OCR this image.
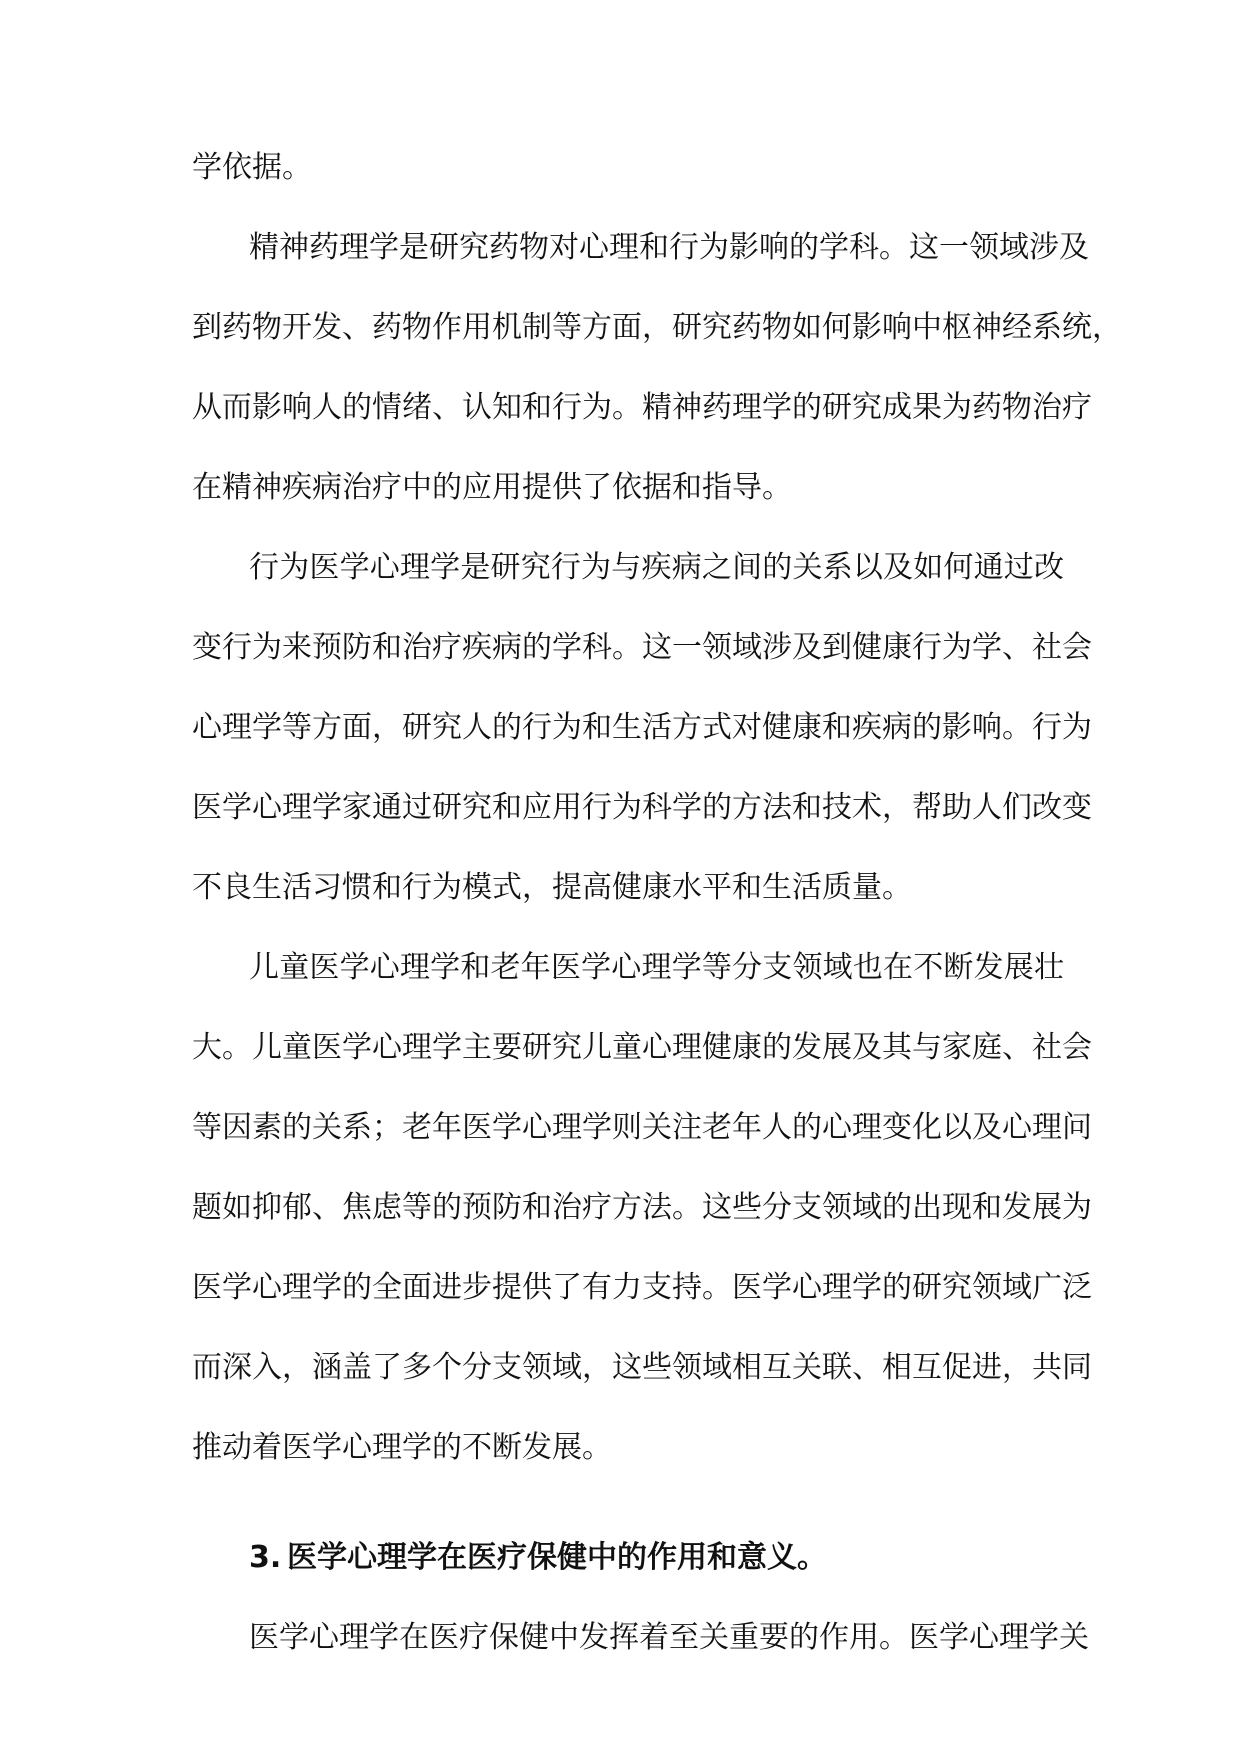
学依据。
精神药理学是研究药物对心理和行为影响的学科。这一领域涉及
到药物开发、药物作用机制等方面，研究药物如何影响中枢神经系统，
从而影响人的情绪、认知和行为。精神药理学的研究成果为药物治疗
在精神疾病治疗中的应用提供了依据和指导。
行为医学心理学是研究行为与疾病之间的关系以及如何通过改
变行为来预防和治疗疾病的学科。这一领域涉及到健康行为学、社会
心理学等方面，研究人的行为和生活方式对健康和疾病的影响。行为
医学心理学家通过研究和应用行为科学的方法和技术，帮助人们改变
不良生活习惯和行为模式，提高健康水平和生活质量。
儿童医学心理学和老年医学心理学等分支领域也在不断发展壮
大。儿童医学心理学主要研究儿童心理健康的发展及其与家庭、社会
等因素的关系；老年医学心理学则关注老年人的心理变化以及心理问
题如抑郁、焦虑等的预防和治疗方法。这些分支领域的出现和发展为
医学心理学的全面进步提供了有力支持。医学心理学的研究领域广泛
而深入，涵盖了多个分支领域，这些领域相互关联、相互促进，共同
推动着医学心理学的不断发展。
3. 医学心理学在医疗保健中的作用和意义。
医学心理学在医疗保健中发挥着至关重要的作用。医学心理学关
